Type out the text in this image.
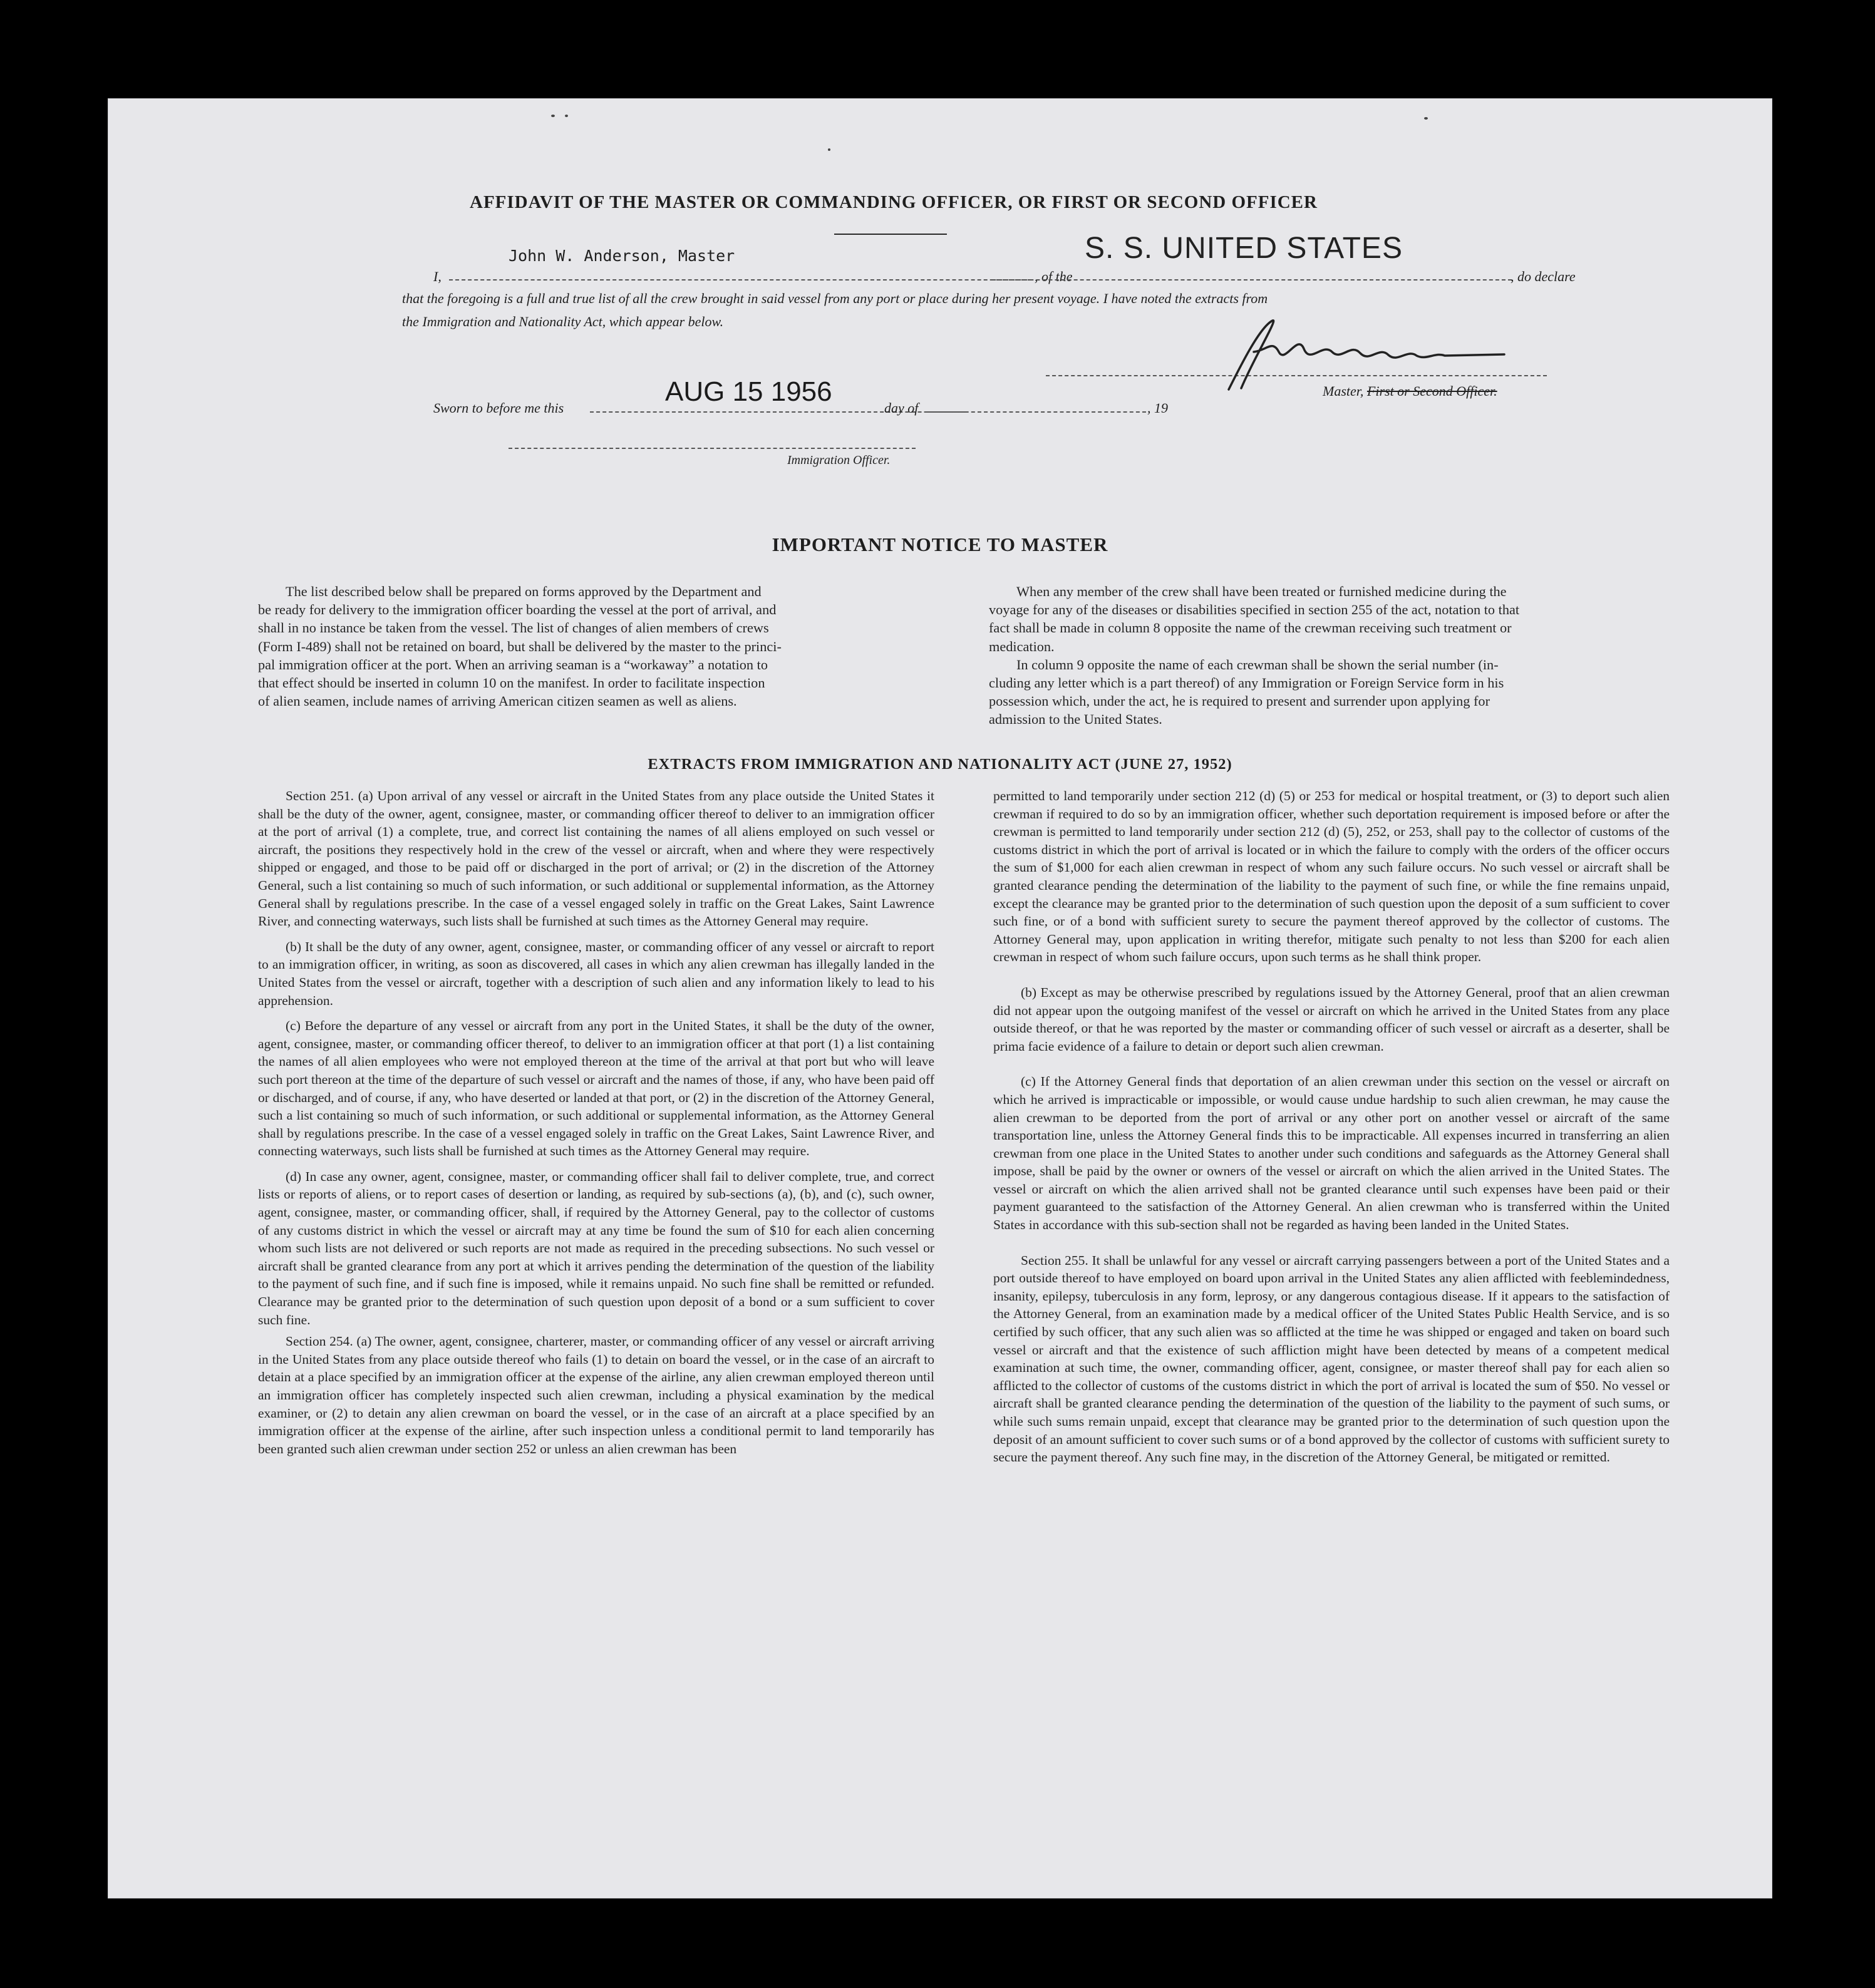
AFFIDAVIT OF THE MASTER OR COMMANDING OFFICER, OR FIRST OR SECOND OFFICER
I,
John W. Anderson, Master
, of the
S. S. UNITED STATES
, do declare
that the foregoing is a full and true list of all the crew brought in said vessel from any port or place during her present voyage. I have noted the extracts from
the Immigration and Nationality Act, which appear below.
Master, First or Second Officer.
Sworn to before me this
AUG 15 1956
day of	, 19
Immigration Officer.
IMPORTANT NOTICE TO MASTER
The list described below shall be prepared on forms approved by the Department and
be ready for delivery to the immigration officer boarding the vessel at the port of arrival, and
shall in no instance be taken from the vessel. The list of changes of alien members of crews
(Form I-489) shall not be retained on board, but shall be delivered by the master to the princi-
pal immigration officer at the port. When an arriving seaman is a “workaway” a notation to
that effect should be inserted in column 10 on the manifest. In order to facilitate inspection
of alien seamen, include names of arriving American citizen seamen as well as aliens.
When any member of the crew shall have been treated or furnished medicine during the
voyage for any of the diseases or disabilities specified in section 255 of the act, notation to that
fact shall be made in column 8 opposite the name of the crewman receiving such treatment or
medication.
In column 9 opposite the name of each crewman shall be shown the serial number (in-
cluding any letter which is a part thereof) of any Immigration or Foreign Service form in his
possession which, under the act, he is required to present and surrender upon applying for
admission to the United States.
EXTRACTS FROM IMMIGRATION AND NATIONALITY ACT (JUNE 27, 1952)

Section 251. (a) Upon arrival of any vessel or aircraft in the United States from any place outside the United States it shall be the duty of the owner, agent, consignee, master, or commanding officer thereof to deliver to an immigration officer at the port of arrival (1) a complete, true, and correct list containing the names of all aliens employed on such vessel or aircraft, the positions they respectively hold in the crew of the vessel or aircraft, when and where they were respectively shipped or engaged, and those to be paid off or discharged in the port of arrival; or (2) in the discretion of the Attorney General, such a list containing so much of such information, or such additional or supplemental information, as the Attorney General shall by regulations prescribe. In the case of a vessel engaged solely in traffic on the Great Lakes, Saint Lawrence River, and connecting waterways, such lists shall be furnished at such times as the Attorney General may require.

(b) It shall be the duty of any owner, agent, consignee, master, or commanding officer of any vessel or aircraft to report to an immigration officer, in writing, as soon as discovered, all cases in which any alien crewman has illegally landed in the United States from the vessel or aircraft, together with a description of such alien and any information likely to lead to his apprehension.

(c) Before the departure of any vessel or aircraft from any port in the United States, it shall be the duty of the owner, agent, consignee, master, or commanding officer thereof, to deliver to an immigration officer at that port (1) a list containing the names of all alien employees who were not employed thereon at the time of the arrival at that port but who will leave such port thereon at the time of the departure of such vessel or aircraft and the names of those, if any, who have been paid off or discharged, and of course, if any, who have deserted or landed at that port, or (2) in the discretion of the Attorney General, such a list containing so much of such information, or such additional or supplemental information, as the Attorney General shall by regulations prescribe. In the case of a vessel engaged solely in traffic on the Great Lakes, Saint Lawrence River, and connecting waterways, such lists shall be furnished at such times as the Attorney General may require.

(d) In case any owner, agent, consignee, master, or commanding officer shall fail to deliver complete, true, and correct lists or reports of aliens, or to report cases of desertion or landing, as required by sub-sections (a), (b), and (c), such owner, agent, consignee, master, or commanding officer, shall, if required by the Attorney General, pay to the collector of customs of any customs district in which the vessel or aircraft may at any time be found the sum of $10 for each alien concerning whom such lists are not delivered or such reports are not made as required in the preceding subsections. No such vessel or aircraft shall be granted clearance from any port at which it arrives pending the determination of the question of the liability to the payment of such fine, and if such fine is imposed, while it remains unpaid. No such fine shall be remitted or refunded. Clearance may be granted prior to the determination of such question upon deposit of a bond or a sum sufficient to cover such fine.

Section 254. (a) The owner, agent, consignee, charterer, master, or commanding officer of any vessel or aircraft arriving in the United States from any place outside thereof who fails (1) to detain on board the vessel, or in the case of an aircraft to detain at a place specified by an immigration officer at the expense of the airline, any alien crewman employed thereon until an immigration officer has completely inspected such alien crewman, including a physical examination by the medical examiner, or (2) to detain any alien crewman on board the vessel, or in the case of an aircraft at a place specified by an immigration officer at the expense of the airline, after such inspection unless a conditional permit to land temporarily has been granted such alien crewman under section 252 or unless an alien crewman has been

permitted to land temporarily under section 212 (d) (5) or 253 for medical or hospital treatment, or (3) to deport such alien crewman if required to do so by an immigration officer, whether such deportation requirement is imposed before or after the crewman is permitted to land temporarily under section 212 (d) (5), 252, or 253, shall pay to the collector of customs of the customs district in which the port of arrival is located or in which the failure to comply with the orders of the officer occurs the sum of $1,000 for each alien crewman in respect of whom any such failure occurs. No such vessel or aircraft shall be granted clearance pending the determination of the liability to the payment of such fine, or while the fine remains unpaid, except the clearance may be granted prior to the determination of such question upon the deposit of a sum sufficient to cover such fine, or of a bond with sufficient surety to secure the payment thereof approved by the collector of customs. The Attorney General may, upon application in writing therefor, mitigate such penalty to not less than $200 for each alien crewman in respect of whom such failure occurs, upon such terms as he shall think proper.

(b) Except as may be otherwise prescribed by regulations issued by the Attorney General, proof that an alien crewman did not appear upon the outgoing manifest of the vessel or aircraft on which he arrived in the United States from any place outside thereof, or that he was reported by the master or commanding officer of such vessel or aircraft as a deserter, shall be prima facie evidence of a failure to detain or deport such alien crewman.

(c) If the Attorney General finds that deportation of an alien crewman under this section on the vessel or aircraft on which he arrived is impracticable or impossible, or would cause undue hardship to such alien crewman, he may cause the alien crewman to be deported from the port of arrival or any other port on another vessel or aircraft of the same transportation line, unless the Attorney General finds this to be impracticable. All expenses incurred in transferring an alien crewman from one place in the United States to another under such conditions and safeguards as the Attorney General shall impose, shall be paid by the owner or owners of the vessel or aircraft on which the alien arrived in the United States. The vessel or aircraft on which the alien arrived shall not be granted clearance until such expenses have been paid or their payment guaranteed to the satisfaction of the Attorney General. An alien crewman who is transferred within the United States in accordance with this sub-section shall not be regarded as having been landed in the United States.

Section 255. It shall be unlawful for any vessel or aircraft carrying passengers between a port of the United States and a port outside thereof to have employed on board upon arrival in the United States any alien afflicted with feeblemindedness, insanity, epilepsy, tuberculosis in any form, leprosy, or any dangerous contagious disease. If it appears to the satisfaction of the Attorney General, from an examination made by a medical officer of the United States Public Health Service, and is so certified by such officer, that any such alien was so afflicted at the time he was shipped or engaged and taken on board such vessel or aircraft and that the existence of such affliction might have been detected by means of a competent medical examination at such time, the owner, commanding officer, agent, consignee, or master thereof shall pay for each alien so afflicted to the collector of customs of the customs district in which the port of arrival is located the sum of $50. No vessel or aircraft shall be granted clearance pending the determination of the question of the liability to the payment of such sums, or while such sums remain unpaid, except that clearance may be granted prior to the determination of such question upon the deposit of an amount sufficient to cover such sums or of a bond approved by the collector of customs with sufficient surety to secure the payment thereof. Any such fine may, in the discretion of the Attorney General, be mitigated or remitted.
